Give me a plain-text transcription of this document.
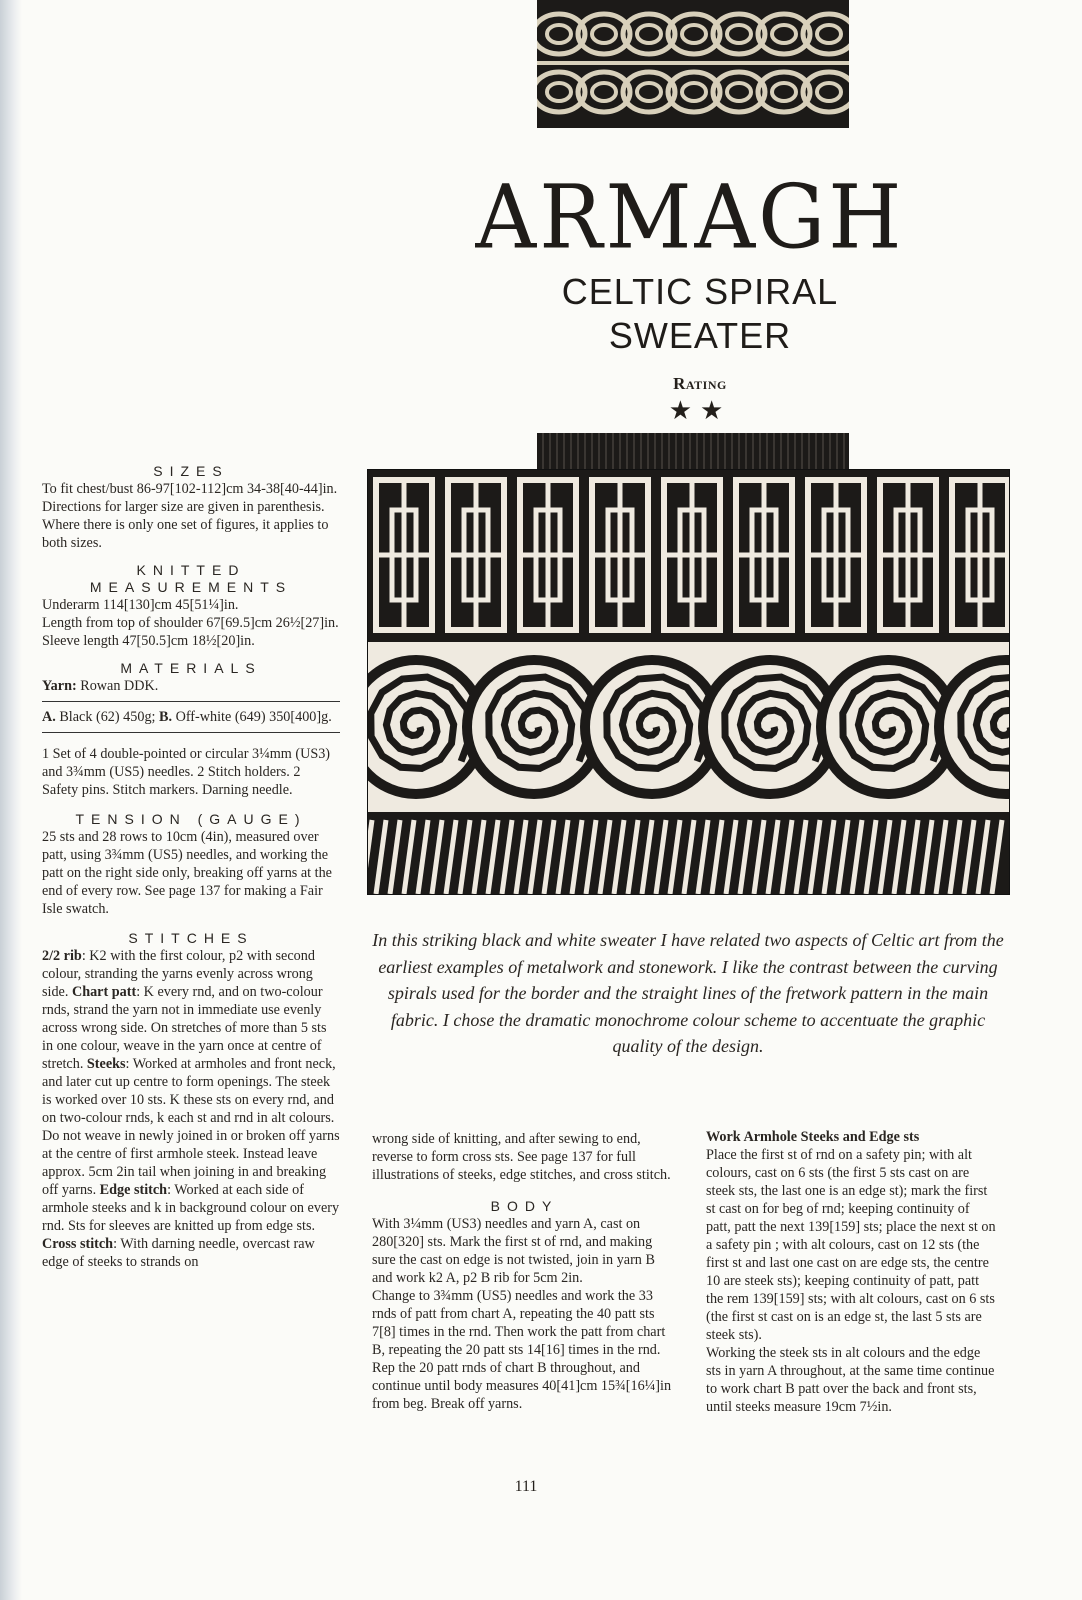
ARMAGH
CELTIC SPIRAL
SWEATER
Rating
★★
In this striking black and white sweater I have related two aspects of Celtic art from the earliest examples of metalwork and stonework. I like the contrast between the curving spirals used for the border and the straight lines of the fretwork pattern in the main fabric. I chose the dramatic monochrome colour scheme to accentuate the graphic quality of the design.

SIZES

To fit chest/bust 86-97[102-112]cm 34-38[40-44]in. Directions for larger size are given in parenthesis. Where there is only one set of figures, it applies to both sizes.

KNITTED

MEASUREMENTS

Underarm 114[130]cm 45[51¼]in.

Length from top of shoulder 67[69.5]cm 26½[27]in.

Sleeve length 47[50.5]cm 18½[20]in.

MATERIALS

Yarn: Rowan DDK.

A. Black (62) 450g; B. Off-white (649) 350[400]g.

1 Set of 4 double-pointed or circular 3¼mm (US3) and 3¾mm (US5) needles. 2 Stitch holders. 2 Safety pins. Stitch markers. Darning needle.

TENSION (GAUGE)

25 sts and 28 rows to 10cm (4in), measured over patt, using 3¾mm (US5) needles, and working the patt on the right side only, breaking off yarns at the end of every row. See page 137 for making a Fair Isle swatch.

STITCHES

2/2 rib: K2 with the first colour, p2 with second colour, stranding the yarns evenly across wrong side. Chart patt: K every rnd, and on two-colour rnds, strand the yarn not in immediate use evenly across wrong side. On stretches of more than 5 sts in one colour, weave in the yarn once at centre of stretch. Steeks: Worked at armholes and front neck, and later cut up centre to form openings. The steek is worked over 10 sts. K these sts on every rnd, and on two-colour rnds, k each st and rnd in alt colours. Do not weave in newly joined in or broken off yarns at the centre of first armhole steek. Instead leave approx. 5cm 2in tail when joining in and breaking off yarns. Edge stitch: Worked at each side of armhole steeks and k in background colour on every rnd. Sts for sleeves are knitted up from edge sts. Cross stitch: With darning needle, overcast raw edge of steeks to strands on

wrong side of knitting, and after sewing to end, reverse to form cross sts. See page 137 for full illustrations of steeks, edge stitches, and cross stitch.

BODY

With 3¼mm (US3) needles and yarn A, cast on 280[320] sts. Mark the first st of rnd, and making sure the cast on edge is not twisted, join in yarn B and work k2 A, p2 B rib for 5cm 2in.

Change to 3¾mm (US5) needles and work the 33 rnds of patt from chart A, repeating the 40 patt sts 7[8] times in the rnd. Then work the patt from chart B, repeating the 20 patt sts 14[16] times in the rnd. Rep the 20 patt rnds of chart B throughout, and continue until body measures 40[41]cm 15¾[16¼]in from beg. Break off yarns.

Work Armhole Steeks and Edge sts

Place the first st of rnd on a safety pin; with alt colours, cast on 6 sts (the first 5 sts cast on are steek sts, the last one is an edge st); mark the first st cast on for beg of rnd; keeping continuity of patt, patt the next 139[159] sts; place the next st on a safety pin ; with alt colours, cast on 12 sts (the first st and last one cast on are edge sts, the centre 10 are steek sts); keeping continuity of patt, patt the rem 139[159] sts; with alt colours, cast on 6 sts (the first st cast on is an edge st, the last 5 sts are steek sts).

Working the steek sts in alt colours and the edge sts in yarn A throughout, at the same time continue to work chart B patt over the back and front sts, until steeks measure 19cm 7½in.

111
